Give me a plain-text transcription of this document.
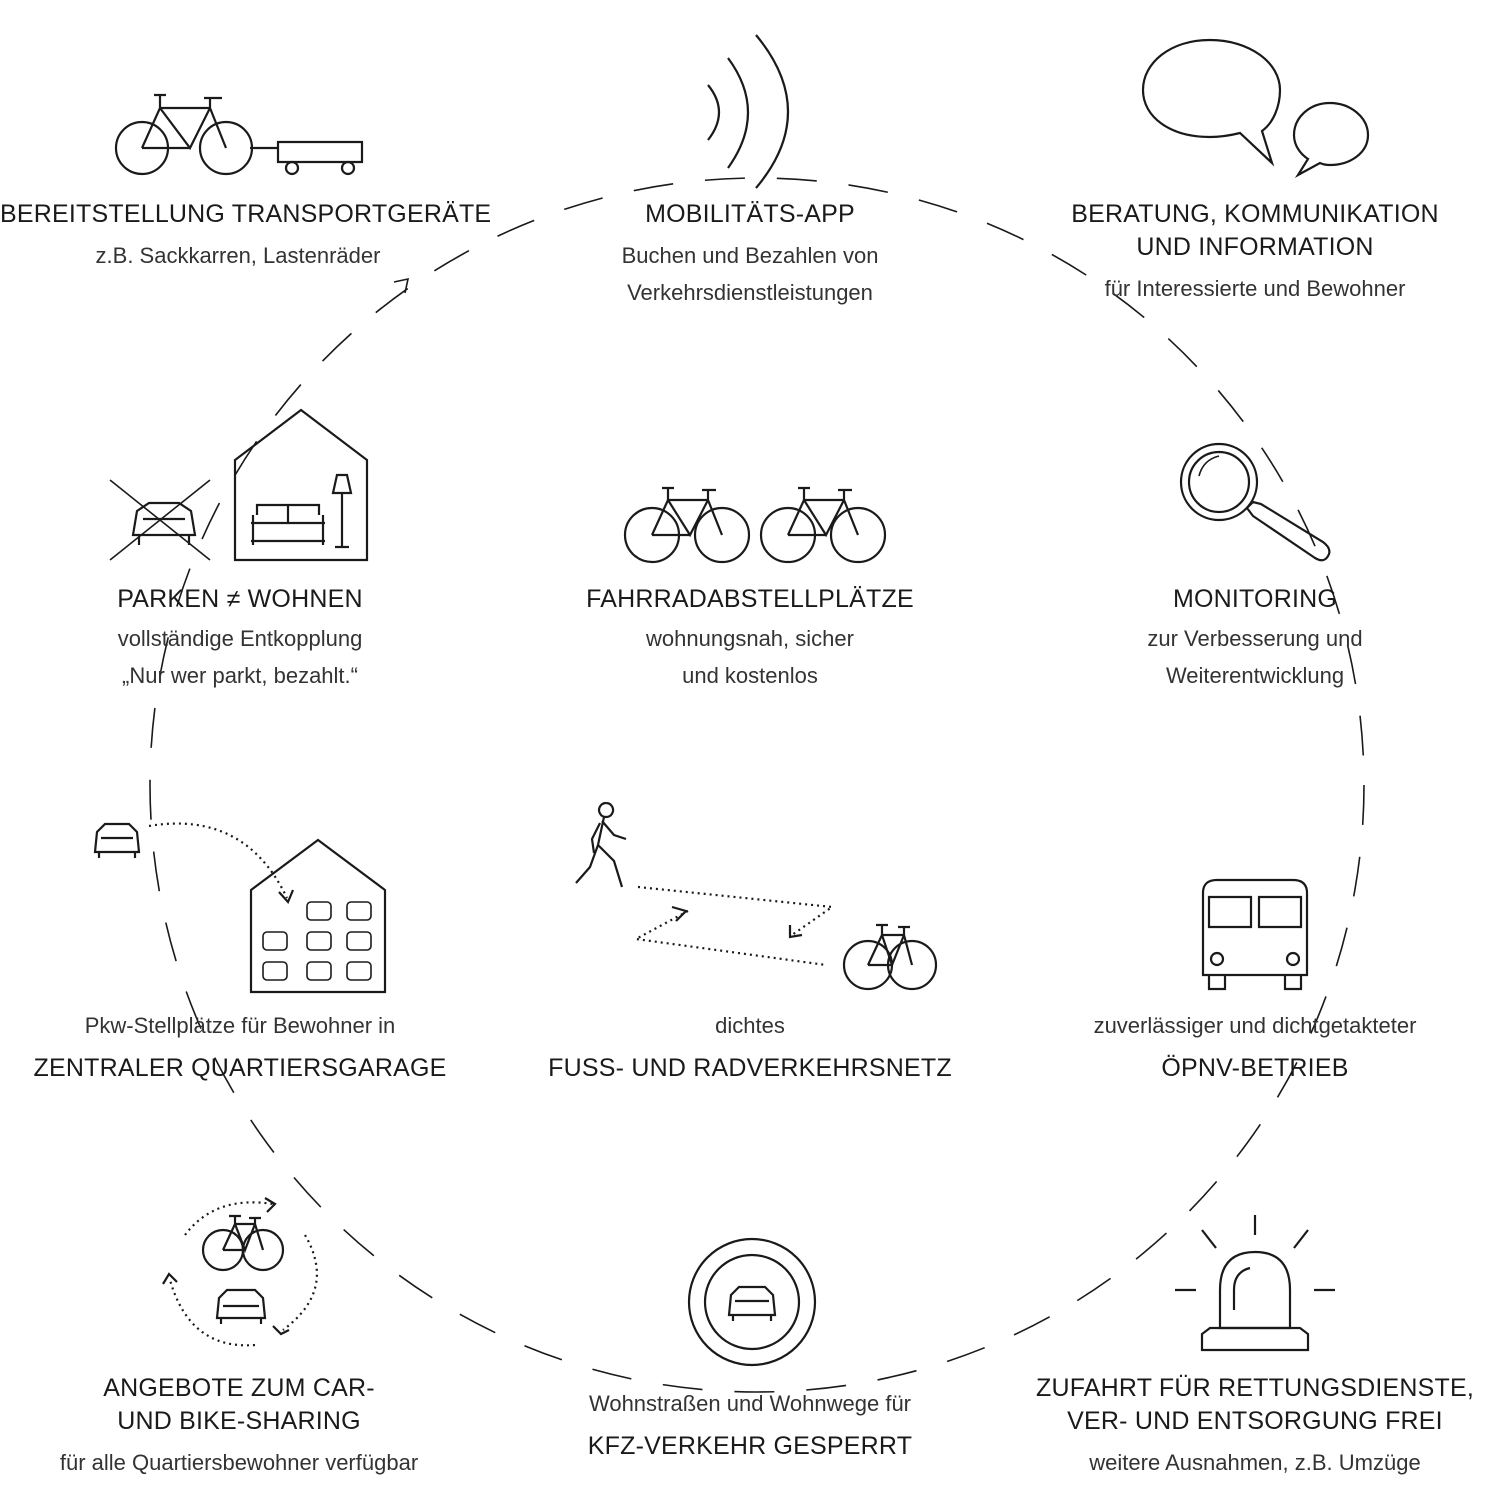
BEREITSTELLUNG TRANSPORTGERÄTE
z.B. Sackkarren, Lastenräder
MOBILITÄTS-APP
Buchen und Bezahlen von
Verkehrsdienstleistungen
BERATUNG, KOMMUNIKATION
UND INFORMATION
für Interessierte und Bewohner
PARKEN ≠ WOHNEN
vollständige Entkopplung
„Nur wer parkt, bezahlt.“
FAHRRADABSTELLPLÄTZE
wohnungsnah, sicher
und kostenlos
MONITORING
zur Verbesserung und
Weiterentwicklung
Pkw-Stellplätze für Bewohner in
ZENTRALER QUARTIERSGARAGE
dichtes
FUSS- UND RADVERKEHRSNETZ
zuverlässiger und dichtgetakteter
ÖPNV-BETRIEB
ANGEBOTE ZUM CAR-
UND BIKE-SHARING
für alle Quartiersbewohner verfügbar
Wohnstraßen und Wohnwege für
KFZ-VERKEHR GESPERRT
ZUFAHRT FÜR RETTUNGSDIENSTE,
VER- UND ENTSORGUNG FREI
weitere Ausnahmen, z.B. Umzüge
